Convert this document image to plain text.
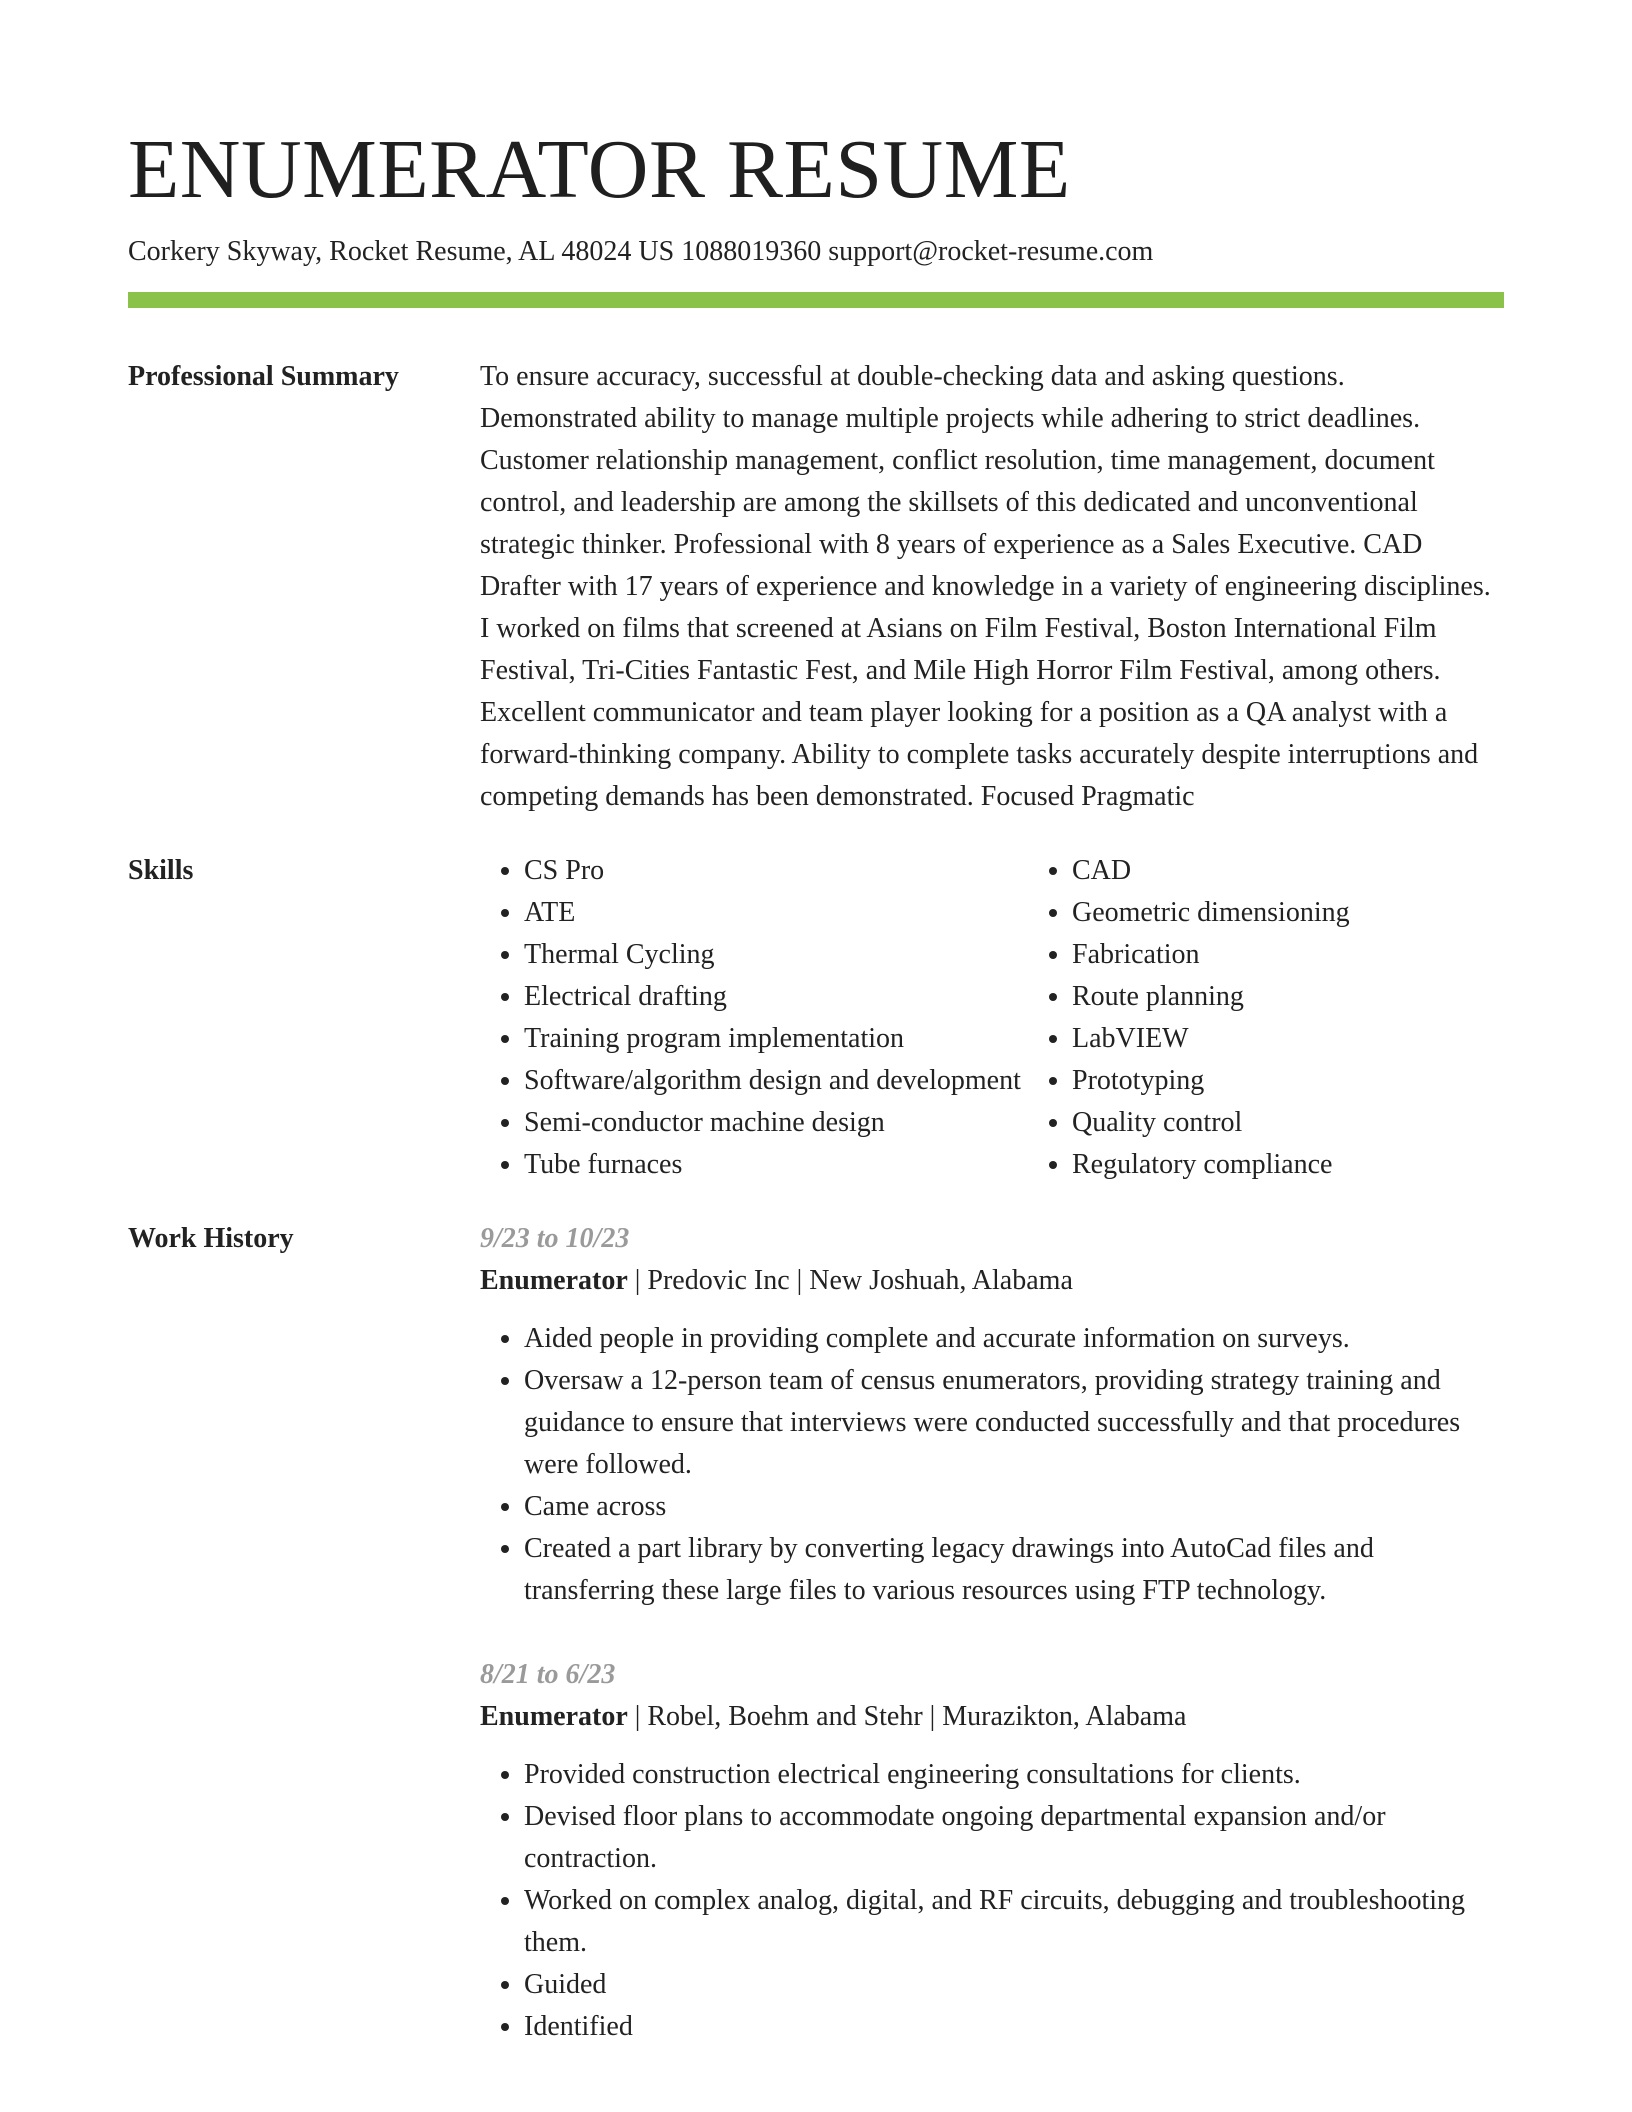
ENUMERATOR RESUME
Corkery Skyway, Rocket Resume, AL 48024 US 1088019360 support@rocket-resume.com
Professional Summary	To ensure accuracy, successful at double-checking data and asking questions. Demonstrated ability to manage multiple projects while adhering to strict deadlines. Customer relationship management, conflict resolution, time management, document control, and leadership are among the skillsets of this dedicated and unconventional strategic thinker. Professional with 8 years of experience as a Sales Executive. CAD Drafter with 17 years of experience and knowledge in a variety of engineering disciplines. I worked on films that screened at Asians on Film Festival, Boston International Film Festival, Tri-Cities Fantastic Fest, and Mile High Horror Film Festival, among others. Excellent communicator and team player looking for a position as a QA analyst with a forward-thinking company. Ability to complete tasks accurately despite interruptions and competing demands has been demonstrated. Focused Pragmatic

Skills
•	CS Pro
• ATE
• Thermal Cycling
• Electrical drafting
• Training program implementation
• Software/algorithm design and development
• Semi-conductor machine design
• Tube furnaces
• CAD
• Geometric dimensioning
• Fabrication
• Route planning
• LabVIEW
• Prototyping
• Quality control
• Regulatory compliance
Work History	9/23 to 10/23
Enumerator | Predovic Inc | New Joshuah, Alabama
• Aided people in providing complete and accurate information on surveys.
• Oversaw a 12-person team of census enumerators, providing strategy training and guidance to ensure that interviews were conducted successfully and that procedures were followed.
• Came across
• Created a part library by converting legacy drawings into AutoCad files and transferring these large files to various resources using FTP technology.
8/21 to 6/23
Enumerator | Robel, Boehm and Stehr | Murazikton, Alabama
• Provided construction electrical engineering consultations for clients.
• Devised floor plans to accommodate ongoing departmental expansion and/or contraction.
• Worked on complex analog, digital, and RF circuits, debugging and troubleshooting them.
• Guided
• Identified
